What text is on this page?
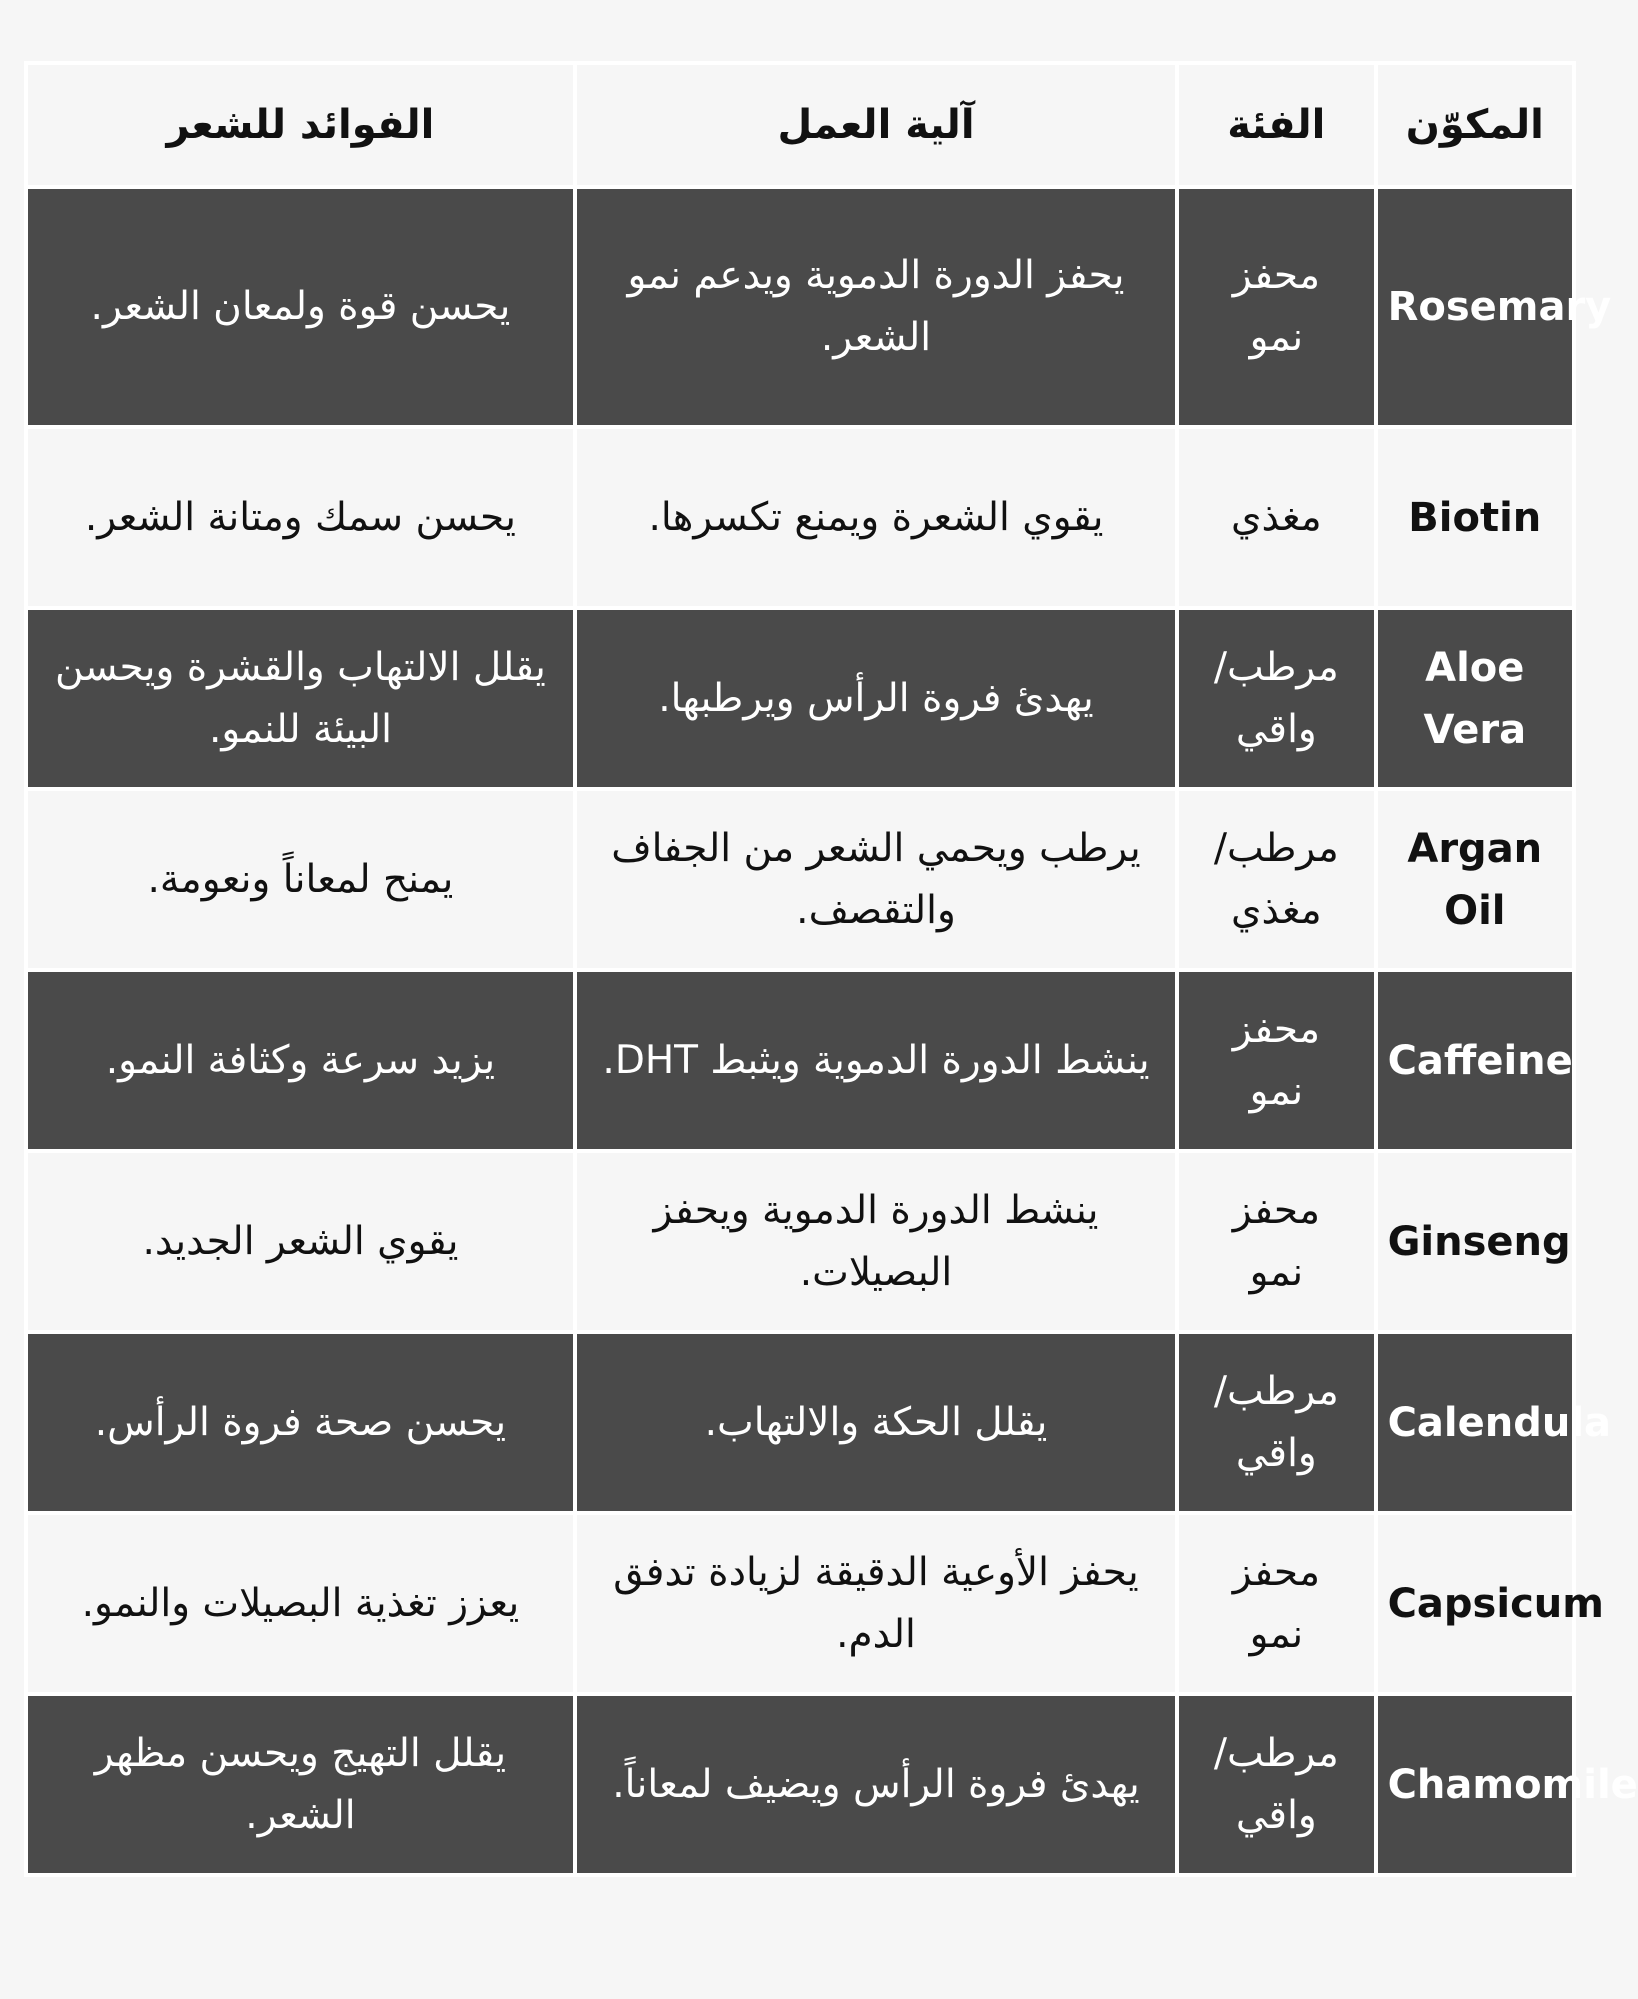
المكوّن	الفئة	آلية العمل	الفوائد للشعر
Rosemary	محفز نمو	يحفز الدورة الدموية ويدعم نمو الشعر.	يحسن قوة ولمعان الشعر.
Biotin	مغذي	يقوي الشعرة ويمنع تكسرها.	يحسن سمك ومتانة الشعر.
Aloe Vera	مرطب/ واقي	يهدئ فروة الرأس ويرطبها.	يقلل الالتهاب والقشرة ويحسن البيئة للنمو.
Argan Oil	مرطب/ مغذي	يرطب ويحمي الشعر من الجفاف والتقصف.	يمنح لمعاناً ونعومة.
Caffeine	محفز نمو	ينشط الدورة الدموية ويثبط DHT.	يزيد سرعة وكثافة النمو.
Ginseng	محفز نمو	ينشط الدورة الدموية ويحفز البصيلات.	يقوي الشعر الجديد.
Calendula	مرطب/ واقي	يقلل الحكة والالتهاب.	يحسن صحة فروة الرأس.
Capsicum	محفز نمو	يحفز الأوعية الدقيقة لزيادة تدفق الدم.	يعزز تغذية البصيلات والنمو.
Chamomile	مرطب/ واقي	يهدئ فروة الرأس ويضيف لمعاناً.	يقلل التهيج ويحسن مظهر الشعر.
